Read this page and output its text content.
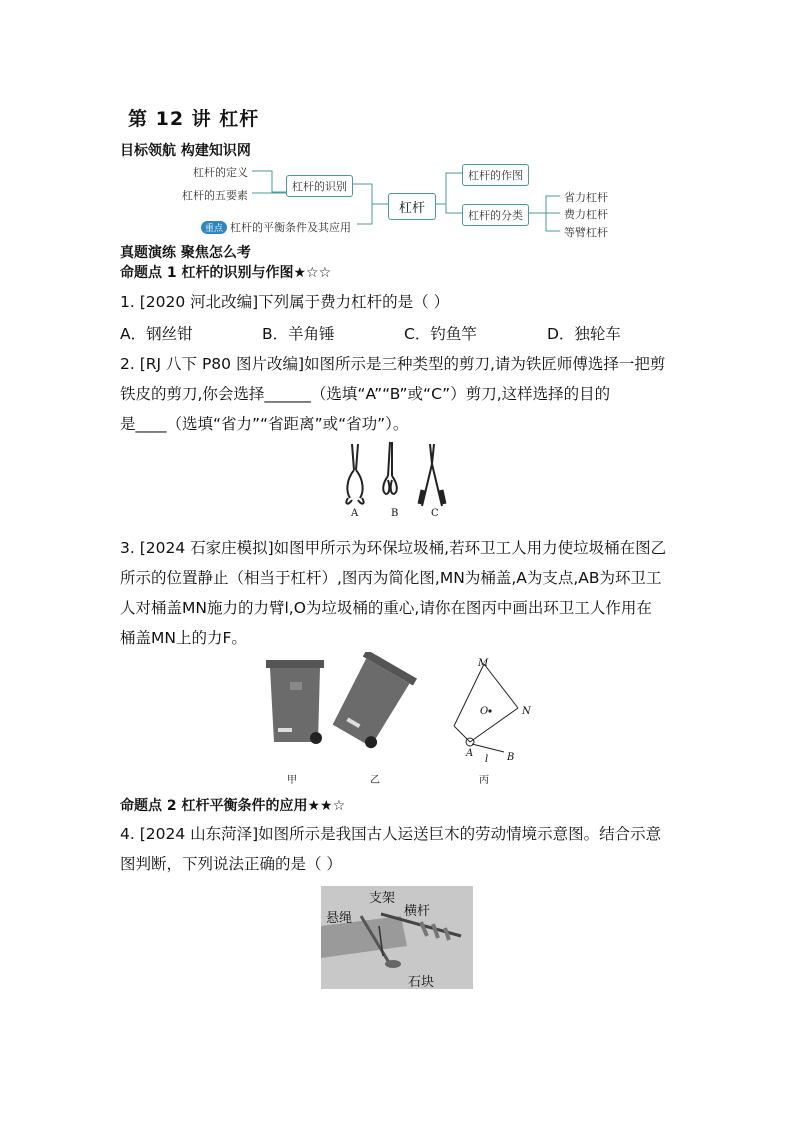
第 12 讲 杠杆
目标领航 构建知识网
杠杆的定义
杠杆的五要素
重点 杠杆的平衡条件及其应用
杠杆的识别
杠杆
杠杆的作图
杠杆的分类
省力杠杆
费力杠杆
等臂杠杆
真题演练 聚焦怎么考
命题点 1 杠杆的识别与作图★☆☆
1. [2020 河北改编]下列属于费力杠杆的是（ ）
A．钢丝钳	B．羊角锤	C．钓鱼竿	D．独轮车
2. [RJ 八下 P80 图片改编]如图所示是三种类型的剪刀,请为铁匠师傅选择一把剪
铁皮的剪刀,你会选择______（选填“A”“B”或“C”）剪刀,这样选择的目的
是____（选填“省力”“省距离”或“省功”）。
A	B	C
3. [2024 石家庄模拟]如图甲所示为环保垃圾桶,若环卫工人用力使垃圾桶在图乙
所示的位置静止（相当于杠杆）,图丙为简化图,MN为桶盖,A为支点,AB为环卫工
人对桶盖MN施力的力臂l,O为垃圾桶的重心,请你在图丙中画出环卫工人作用在
桶盖MN上的力F。
M
N
O
A	B
l
甲	乙	丙
命题点 2 杠杆平衡条件的应用★★☆
4. [2024 山东菏泽]如图所示是我国古人运送巨木的劳动情境示意图。结合示意
图判断，下列说法正确的是（ ）
支架
横杆
悬绳
石块
